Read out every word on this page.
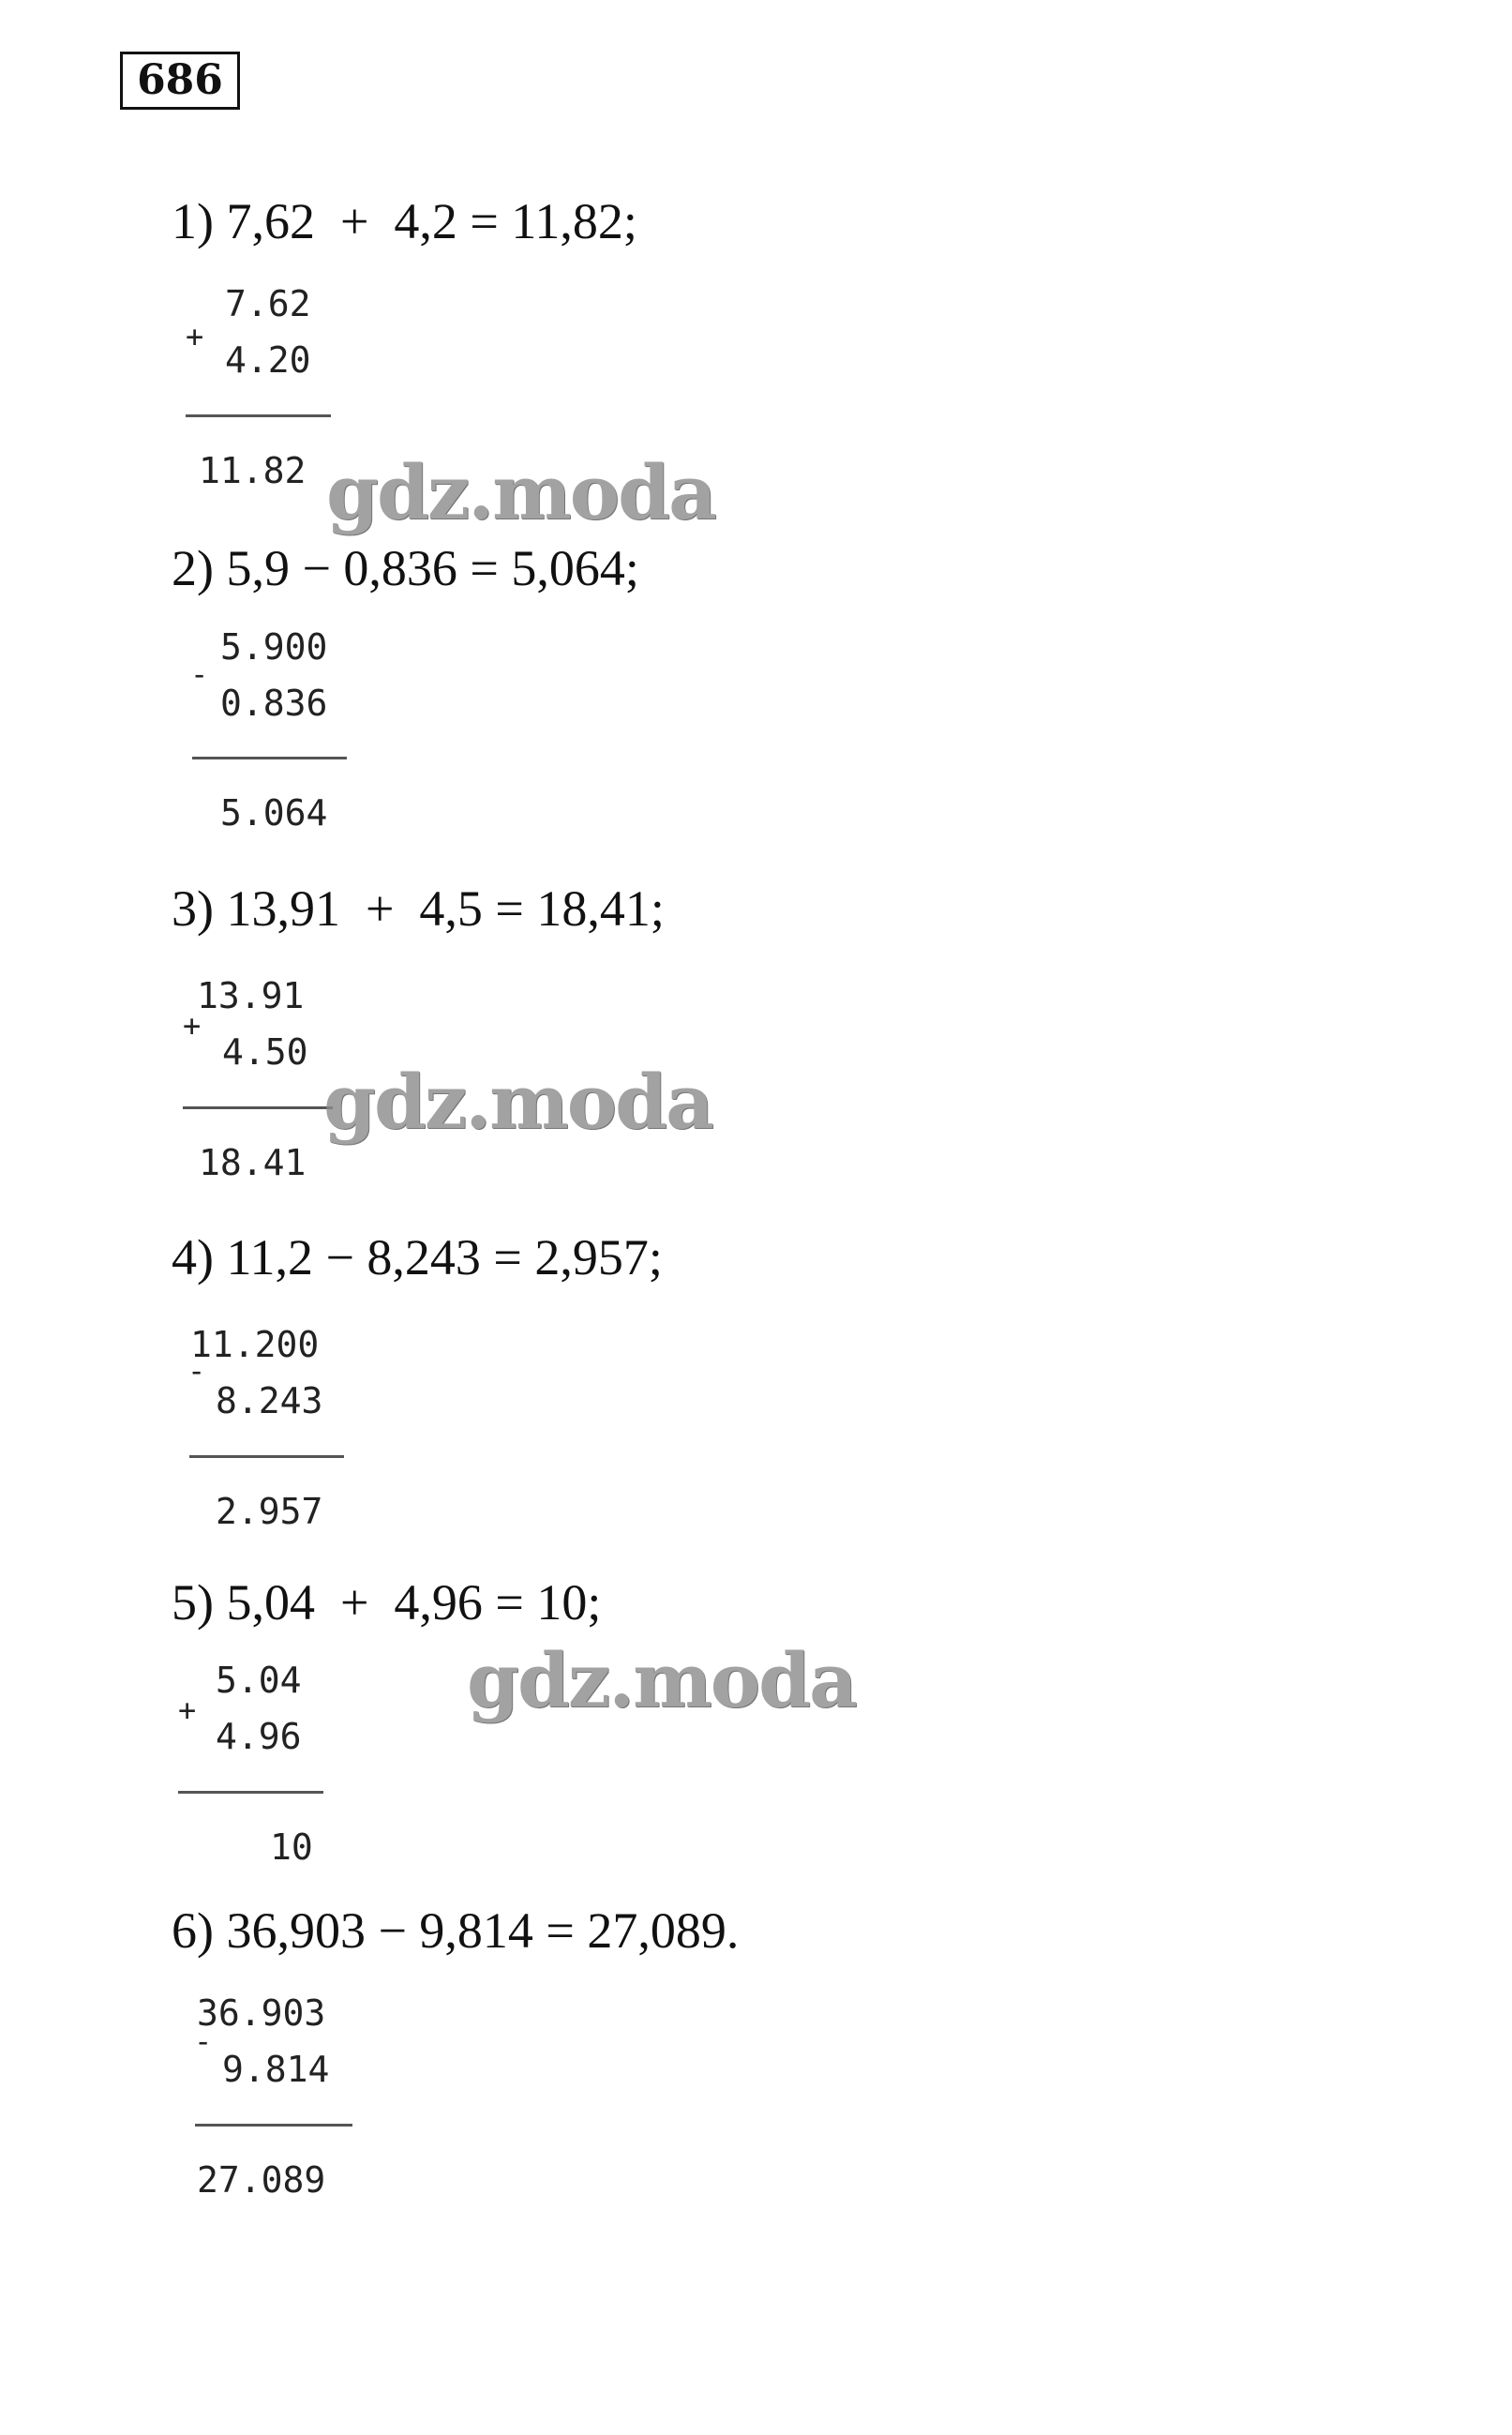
686
1) 7,62  +  4,2 = 11,82;
7.62
+
4.20
11.82 gdz.moda
2) 5,9 − 0,836 = 5,064;
5.900
-
0.836
5.064
3) 13,91  +  4,5 = 18,41;
13.91
+
4.50
18.41
gdz.moda
4) 11,2 − 8,243 = 2,957;
11.200
-
8.243
2.957
5) 5,04  +  4,96 = 10;
5.04
+
4.96
10
gdz.moda
6) 36,903 − 9,814 = 27,089.
36.903
-
9.814
27.089
